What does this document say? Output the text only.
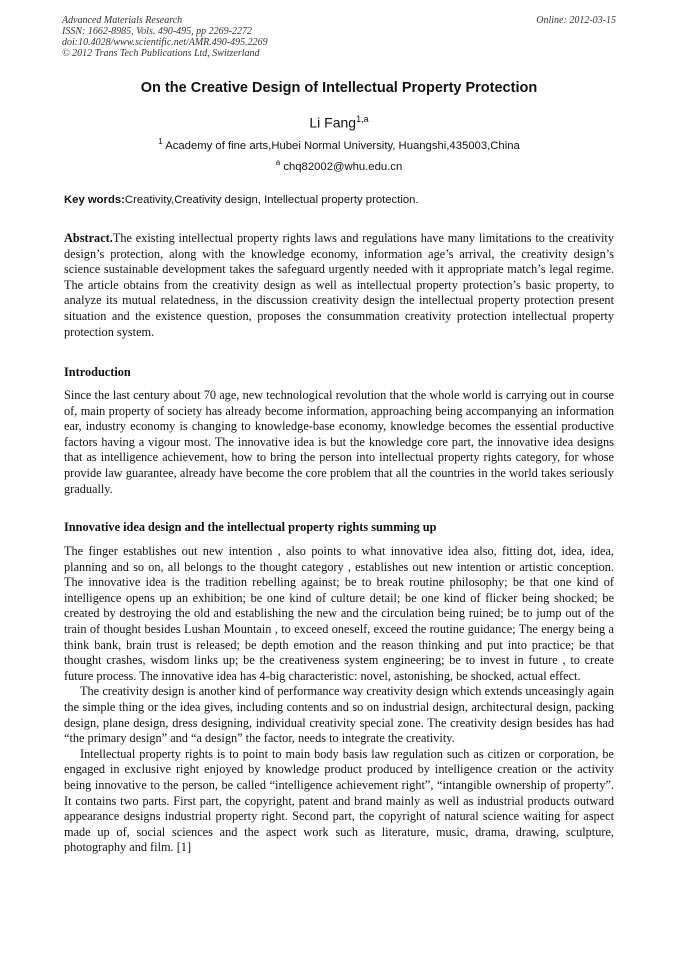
Advanced Materials Research
ISSN: 1662-8985, Vols. 490-495, pp 2269-2272
doi:10.4028/www.scientific.net/AMR.490-495.2269
© 2012 Trans Tech Publications Ltd, Switzerland
Online: 2012-03-15
On the Creative Design of Intellectual Property Protection
Li Fang$^{1,a}$
$^1$ Academy of fine arts,Hubei Normal University, Huangshi,435003,China
$^a$ chq82002@whu.edu.cn
Key words:Creativity,Creativity design, Intellectual property protection.

Abstract.The existing intellectual property rights laws and regulations have many limitations to the creativity design’s protection, along with the knowledge economy, information age’s arrival, the creativity design’s science sustainable development takes the safeguard urgently needed with it appropriate match’s legal regime. The article obtains from the creativity design as well as intellectual property protection’s basic property, to analyze its mutual relatedness, in the discussion creativity design the intellectual property protection present situation and the existence question, proposes the consummation creativity protection intellectual property protection system.

Introduction

Since the last century about 70 age, new technological revolution that the whole world is carrying out in course of, main property of society has already become information, approaching being accompanying an information ear, industry economy is changing to knowledge-base economy, knowledge becomes the essential productive factors having a vigour most. The innovative idea is but the knowledge core part, the innovative idea designs that as intelligence achievement, how to bring the person into intellectual property rights category, for whose provide law guarantee, already have become the core problem that all the countries in the world takes seriously gradually.

Innovative idea design and the intellectual property rights summing up

The finger establishes out new intention , also points to what innovative idea also, fitting dot, idea, idea, planning and so on, all belongs to the thought category , establishes out new intention or artistic conception. The innovative idea is the tradition rebelling against; be to break routine philosophy; be that one kind of intelligence opens up an exhibition; be one kind of culture detail; be one kind of flicker being shocked; be created by destroying the old and establishing the new and the circulation being ruined; be to jump out of the train of thought besides Lushan Mountain , to exceed oneself, exceed the routine guidance; The energy being a think bank, brain trust is released; be depth emotion and the reason thinking and put into practice; be that thought crashes, wisdom links up; be the creativeness system engineering; be to invest in future , to create future process. The innovative idea has 4-big characteristic: novel, astonishing, be shocked, actual effect.

The creativity design is another kind of performance way creativity design which extends unceasingly again the simple thing or the idea gives, including contents and so on industrial design, architectural design, packing design, plane design, dress designing, individual creativity special zone. The creativity design besides has had “the primary design” and “a design” the factor, needs to integrate the creativity.

Intellectual property rights is to point to main body basis law regulation such as citizen or corporation, be engaged in exclusive right enjoyed by knowledge product produced by intelligence creation or the activity being innovative to the person, be called “intelligence achievement right”, “intangible ownership of property”. It contains two parts. First part, the copyright, patent and brand mainly as well as industrial products outward appearance designs industrial property right. Second part, the copyright of natural science waiting for aspect made up of, social sciences and the aspect work such as literature, music, drama, drawing, sculpture, photography and film. [1]
